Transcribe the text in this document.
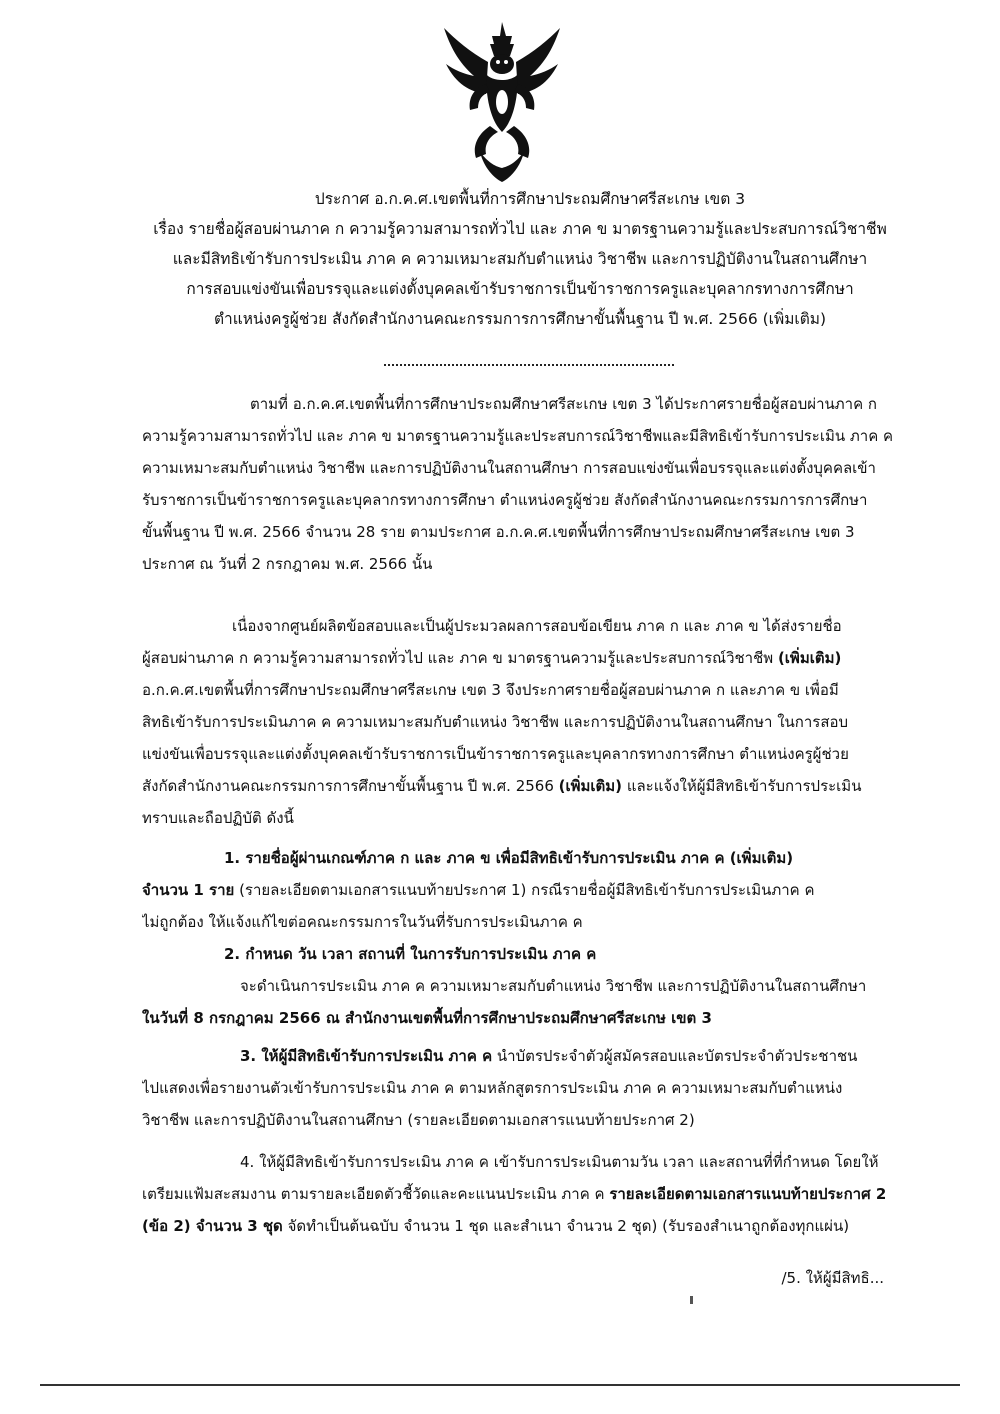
ประกาศ อ.ก.ค.ศ.เขตพื้นที่การศึกษาประถมศึกษาศรีสะเกษ เขต 3
เรื่อง รายชื่อผู้สอบผ่านภาค ก ความรู้ความสามารถทั่วไป และ ภาค ข มาตรฐานความรู้และประสบการณ์วิชาชีพ
และมีสิทธิเข้ารับการประเมิน ภาค ค ความเหมาะสมกับตำแหน่ง วิชาชีพ และการปฏิบัติงานในสถานศึกษา
การสอบแข่งขันเพื่อบรรจุและแต่งตั้งบุคคลเข้ารับราชการเป็นข้าราชการครูและบุคลากรทางการศึกษา
ตำแหน่งครูผู้ช่วย สังกัดสำนักงานคณะกรรมการการศึกษาขั้นพื้นฐาน ปี พ.ศ. 2566 (เพิ่มเติม)
ตามที่ อ.ก.ค.ศ.เขตพื้นที่การศึกษาประถมศึกษาศรีสะเกษ เขต 3 ได้ประกาศรายชื่อผู้สอบผ่านภาค ก
ความรู้ความสามารถทั่วไป และ ภาค ข มาตรฐานความรู้และประสบการณ์วิชาชีพและมีสิทธิเข้ารับการประเมิน ภาค ค
ความเหมาะสมกับตำแหน่ง วิชาชีพ และการปฏิบัติงานในสถานศึกษา การสอบแข่งขันเพื่อบรรจุและแต่งตั้งบุคคลเข้า
รับราชการเป็นข้าราชการครูและบุคลากรทางการศึกษา ตำแหน่งครูผู้ช่วย สังกัดสำนักงานคณะกรรมการการศึกษา
ขั้นพื้นฐาน ปี พ.ศ. 2566 จำนวน 28 ราย ตามประกาศ อ.ก.ค.ศ.เขตพื้นที่การศึกษาประถมศึกษาศรีสะเกษ เขต 3
ประกาศ ณ วันที่ 2 กรกฎาคม พ.ศ. 2566 นั้น
เนื่องจากศูนย์ผลิตข้อสอบและเป็นผู้ประมวลผลการสอบข้อเขียน ภาค ก และ ภาค ข ได้ส่งรายชื่อ
ผู้สอบผ่านภาค ก ความรู้ความสามารถทั่วไป และ ภาค ข มาตรฐานความรู้และประสบการณ์วิชาชีพ (เพิ่มเติม)
อ.ก.ค.ศ.เขตพื้นที่การศึกษาประถมศึกษาศรีสะเกษ เขต 3 จึงประกาศรายชื่อผู้สอบผ่านภาค ก และภาค ข เพื่อมี
สิทธิเข้ารับการประเมินภาค ค ความเหมาะสมกับตำแหน่ง วิชาชีพ และการปฏิบัติงานในสถานศึกษา ในการสอบ
แข่งขันเพื่อบรรจุและแต่งตั้งบุคคลเข้ารับราชการเป็นข้าราชการครูและบุคลากรทางการศึกษา ตำแหน่งครูผู้ช่วย
สังกัดสำนักงานคณะกรรมการการศึกษาขั้นพื้นฐาน ปี พ.ศ. 2566 (เพิ่มเติม) และแจ้งให้ผู้มีสิทธิเข้ารับการประเมิน
ทราบและถือปฏิบัติ ดังนี้
1. รายชื่อผู้ผ่านเกณฑ์ภาค ก และ ภาค ข เพื่อมีสิทธิเข้ารับการประเมิน ภาค ค (เพิ่มเติม)
จำนวน 1 ราย (รายละเอียดตามเอกสารแนบท้ายประกาศ 1) กรณีรายชื่อผู้มีสิทธิเข้ารับการประเมินภาค ค
ไม่ถูกต้อง ให้แจ้งแก้ไขต่อคณะกรรมการในวันที่รับการประเมินภาค ค
2. กำหนด วัน เวลา สถานที่ ในการรับการประเมิน ภาค ค
จะดำเนินการประเมิน ภาค ค ความเหมาะสมกับตำแหน่ง วิชาชีพ และการปฏิบัติงานในสถานศึกษา
ในวันที่ 8 กรกฎาคม 2566 ณ สำนักงานเขตพื้นที่การศึกษาประถมศึกษาศรีสะเกษ เขต 3
3. ให้ผู้มีสิทธิเข้ารับการประเมิน ภาค ค นำบัตรประจำตัวผู้สมัครสอบและบัตรประจำตัวประชาชน
ไปแสดงเพื่อรายงานตัวเข้ารับการประเมิน ภาค ค ตามหลักสูตรการประเมิน ภาค ค ความเหมาะสมกับตำแหน่ง
วิชาชีพ และการปฏิบัติงานในสถานศึกษา (รายละเอียดตามเอกสารแนบท้ายประกาศ 2)
4. ให้ผู้มีสิทธิเข้ารับการประเมิน ภาค ค เข้ารับการประเมินตามวัน เวลา และสถานที่ที่กำหนด โดยให้
เตรียมแฟ้มสะสมงาน ตามรายละเอียดตัวชี้วัดและคะแนนประเมิน ภาค ค รายละเอียดตามเอกสารแนบท้ายประกาศ 2
(ข้อ 2) จำนวน 3 ชุด จัดทำเป็นต้นฉบับ จำนวน 1 ชุด และสำเนา จำนวน 2 ชุด) (รับรองสำเนาถูกต้องทุกแผ่น)
/5. ให้ผู้มีสิทธิ...
